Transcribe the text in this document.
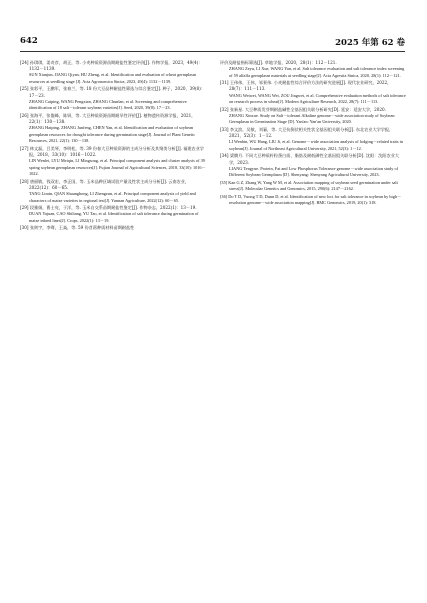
642	2025 年第 62 卷
[24] 孙琪琪，姜奇彦，胡正，等. 小麦种质资源苗期耐盐性鉴定评价[J]. 作物学报，2023，49(4)：1132－1139.
SUN Xianjun, JIANG Qiyan, HU Zheng, et al. Identification and evaluation of wheat germplasm resources at seedling stage [J]. Acta Agronomica Sinica, 2023, 49(4): 1132－1139.
[25] 张彩平，王鹏军，张春兰，等. 18 份大豆品种耐盐性筛选与综合鉴定[J]. 种子，2020，39(8)：17－23.
ZHANG Caiping, WANG Pengxian, ZHANG Chunlan, et al. Screening and comprehensive identification of 18 salt－tolerant soybean varieties[J]. Seed, 2020, 39(8): 17－23.
[26] 张海平，张俊峰，陈妍，等. 大豆种质资源苗期耐旱性评价[J]. 植物遗传资源学报，2021，22(1)：130－138.
ZHANG Haiping, ZHANG Junfeng, CHEN Yan, et al. Identification and evaluation of soybean germplasm resources for drought tolerance during germination stage[J]. Journal of Plant Genetic Resources, 2021, 22(1): 130－138.
[27] 林文磊，吕美琴，李明松，等. 39 份春大豆种质资源的主成分分析及其聚类分析[J]. 福建农业学报，2018，33(10)：1016－1022.
LIN Wenlei, LYU Meiqin, LI Mingsong, et al. Principal component analysis and cluster analysis of 39 spring soybean germplasm resources[J]. Fujian Journal of Agricultural Sciences, 2018, 33(10): 1016－1022.
[28] 唐丽敏，钱双宏，李正国，等. 玉米品种区域试验产量及性状主成分分析[J]. 云南农业，2022(12)：60－65.
TANG Limin, QIAN Shuanghong, LI Zhengzun, et al. Principal component analysis of yield and characters of maize varieties in regional test[J]. Yunnan Agriculture, 2022(12): 60－65.
[29] 段雅娟，曹士亮，于洋，等. 玉米自交系苗期耐盐性鉴定[J]. 作物杂志，2022(1)：13－19.
DUAN Yajuan, CAO Shiliang, YU Tao, et al. Identification of salt tolerance during germination of maize inbred lines[J]. Crops, 2022(1): 13－19.
[30] 张则宇，李骞，王焱，等. 59 份苜蓿种质材料苗期耐盐性
评价及耐盐指标筛选[J]. 草地学报，2020，28(1)：112－121.
ZHANG Zeyu, LI Xue, WANG Yan, et al. Salt tolerance evaluation and salt tolerance index screening of 59 alfalfa germplasm materials at seedling stage[J]. Acta Agrestia Sinica, 2020, 28(1): 112－121.
[31] 王伟伟，王伟，邹景伟. 小麦耐盐性综合评价方法的研究进展[J]. 现代农业研究，2022，28(7)：111－113.
WANG Weiwei, WANG Wei, ZOU Jingwei, et al. Comprehensive evaluation methods of salt tolerance on research process in wheat[J]. Modern Agriculture Research, 2022, 28(7): 111－113.
[32] 张新星. 大豆种质发芽期耐盐碱性全基因组关联分析研究[D]. 延安：延安大学，2020.
ZHANG Xinxue. Study on Salt－tolerant Alkaline genome－wide association study of Soybean Germplasm in Germination Stage [D]. Yan'an: Yan'an University, 2020.
[33] 李文滨，吴敏，刘纂，等. 大豆抗倒伏相关性状全基因组关联分析[J]. 东北农业大学学报，2021，52(3)：1－12.
LI Wenbin, WU Hang, LIU Ji, et al. Genome－wide association analysis of lodging－related traits in soybean[J]. Journal of Northeast Agricultural University, 2021, 52(3): 1－12.
[34] 梁腾月. 不同大豆种质籽粒蛋白质、脂肪及耐低磷性全基因组关联分析[D]. 沈阳：沈阳农业大学，2023.
LIANG Tengyue. Protein, Fat and Low Phosphorus Tolerance genome－wide association study of Different Soybean Germplasm [D]. Shenyang: Shenyang Agricultural University, 2023.
[35] Kan G Z, Zhang W, Yang W M, et al. Association mapping of soybean seed germination under salt stress[J]. Molecular Genetics and Genomics, 2015, 290(6): 2147－2162.
[36] Do T D, Vuong T D, Dunn D, et al. Identification of new loci for salt tolerance in soybean by high－resolution genome－wide association mapping[J]. BMC Genomics, 2019, 20(1): 318.
